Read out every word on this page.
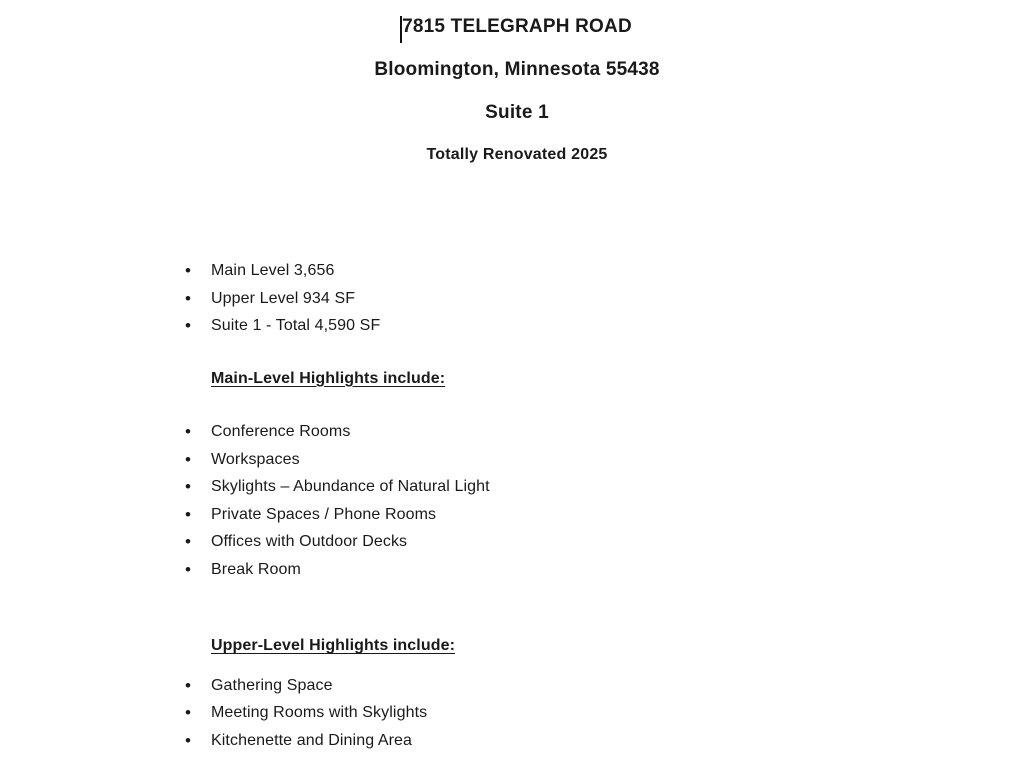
7815 TELEGRAPH ROAD
Bloomington, Minnesota 55438
Suite 1
Totally Renovated 2025
• Main Level 3,656
• Upper Level 934 SF
• Suite 1 - Total 4,590 SF
Main-Level Highlights include:
• Conference Rooms
• Workspaces
• Skylights – Abundance of Natural Light
• Private Spaces / Phone Rooms
• Offices with Outdoor Decks
• Break Room
Upper-Level Highlights include:
• Gathering Space
• Meeting Rooms with Skylights
• Kitchenette and Dining Area
